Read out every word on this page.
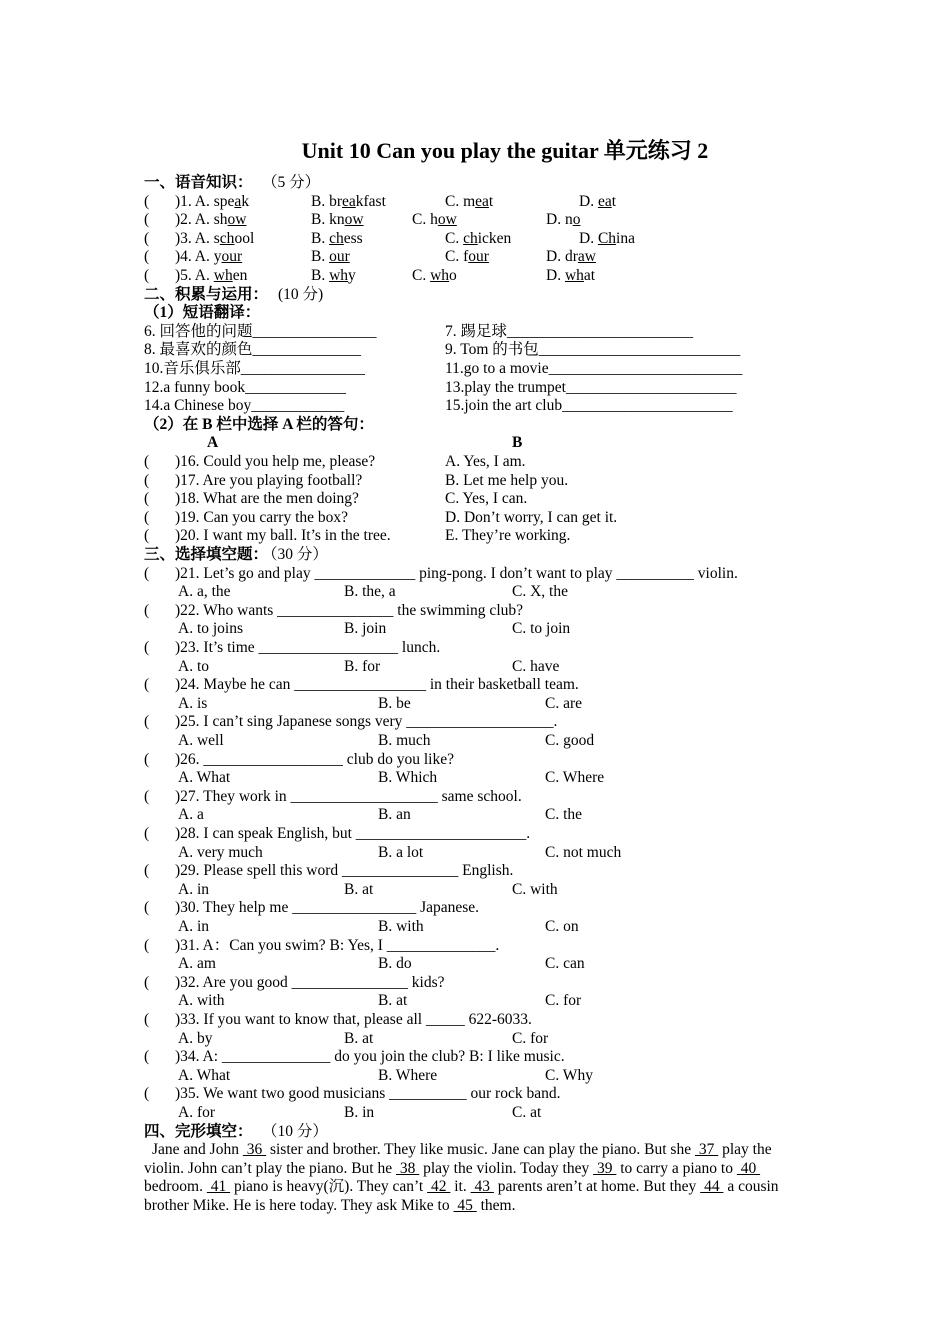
Unit 10 Can you play the guitar 单元练习 2
一、语音知识： （5 分）
( )1. A. speak	B. breakfast	C. meat	D. eat
( )2. A. show	B. know	C. how	D. no
( )3. A. school	B. chess	C. chicken	D. China
( )4. A. your	B. our	C. four	D. draw
( )5. A. when	B. why	C. who	D. what
二、积累与运用： (10 分)
（1）短语翻译：
6. 回答他的问题________________	7. 踢足球________________________
8. 最喜欢的颜色______________	9. Tom 的书包__________________________
10.音乐俱乐部________________	11.go to a movie_________________________
12.a funny book_____________	13.play the trumpet______________________
14.a Chinese boy____________	15.join the art club______________________
（2）在 B 栏中选择 A 栏的答句：
A	B
( )16. Could you help me, please?	A. Yes, I am.
( )17. Are you playing football?	B. Let me help you.
( )18. What are the men doing?	C. Yes, I can.
( )19. Can you carry the box?	D. Don’t worry, I can get it.
( )20. I want my ball. It’s in the tree.	E. They’re working.
三、选择填空题：
（30 分）
( )21. Let’s go and play _____________ ping-pong. I don’t want to play __________ violin.
A. a, the	B. the, a	C. X, the
( )22. Who wants _______________ the swimming club?
A. to joins	B. join	C. to join
( )23. It’s time __________________ lunch.
A. to	B. for	C. have
( )24. Maybe he can _________________ in their basketball team.
A. is	B. be	C. are
( )25. I can’t sing Japanese songs very ___________________.
A. well	B. much	C. good
( )26. __________________ club do you like?
A. What	B. Which	C. Where
( )27. They work in ___________________ same school.
A. a	B. an	C. the
( )28. I can speak English, but ______________________.
A. very much	B. a lot	C. not much
( )29. Please spell this word _______________ English.
A. in	B. at	C. with
( )30. They help me ________________ Japanese.
A. in	B. with	C. on
( )31. A：Can you swim? B: Yes, I ______________.
A. am	B. do	C. can
( )32. Are you good _______________ kids?
A. with	B. at	C. for
( )33. If you want to know that, please all _____ 622-6033.
A. by	B. at	C. for
( )34. A: ______________ do you join the club? B: I like music.
A. What	B. Where	C. Why
( )35. We want two good musicians __________ our rock band.
A. for	B. in	C. at
四、完形填空： （10 分）
Jane and John  36  sister and brother. They like music. Jane can play the piano. But she  37  play the violin. John can’t play the piano. But he  38  play the violin. Today they  39  to carry a piano to  40  bedroom.  41  piano is heavy(沉). They can’t  42  it.  43  parents aren’t at home. But they  44  a cousin brother Mike. He is here today. They ask Mike to  45  them.
